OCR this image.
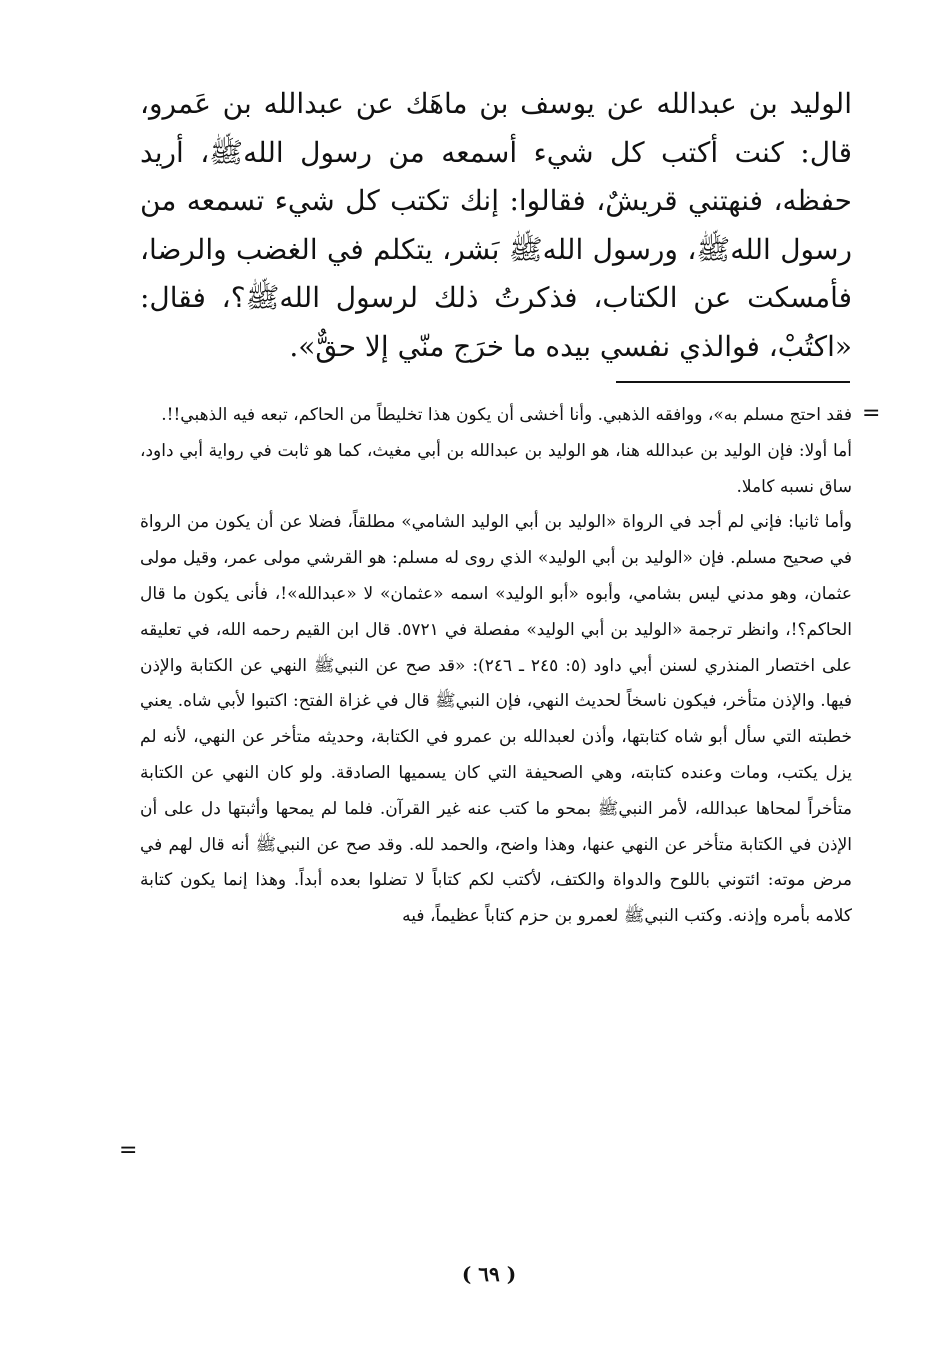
الوليد بن عبدالله عن يوسف بن ماهَك عن عبدالله بن عَمرو، قال: كنت أكتب كل شيء أسمعه من رسول اللهﷺ، أريد حفظه، فنهتني قريشٌ، فقالوا: إنك تكتب كل شيء تسمعه من رسول اللهﷺ، ورسول اللهﷺ بَشر، يتكلم في الغضب والرضا، فأمسكت عن الكتاب، فذكرتُ ذلك لرسول اللهﷺ؟، فقال: «اكتُبْ، فوالذي نفسي بيده ما خرَج منّي إلا حقٌّ».

=

فقد احتج مسلم به»، ووافقه الذهبي. وأنا أخشى أن يكون هذا تخليطاً من الحاكم، تبعه فيه الذهبي!!.

أما أولا: فإن الوليد بن عبدالله هنا، هو الوليد بن عبدالله بن أبي مغيث، كما هو ثابت في رواية أبي داود، ساق نسبه كاملا.

وأما ثانيا: فإني لم أجد في الرواة «الوليد بن أبي الوليد الشامي» مطلقاً، فضلا عن أن يكون من الرواة في صحيح مسلم. فإن «الوليد بن أبي الوليد» الذي روى له مسلم: هو القرشي مولى عمر، وقيل مولى عثمان، وهو مدني ليس بشامي، وأبوه «أبو الوليد» اسمه «عثمان» لا «عبدالله»!، فأنى يكون ما قال الحاكم؟!، وانظر ترجمة «الوليد بن أبي الوليد» مفصلة في ٥٧٢١. قال ابن القيم رحمه الله، في تعليقه على اختصار المنذري لسنن أبي داود (٥: ٢٤٥ ـ ٢٤٦): «قد صح عن النبيﷺ النهي عن الكتابة والإذن فيها. والإذن متأخر، فيكون ناسخاً لحديث النهي، فإن النبيﷺ قال في غزاة الفتح: اكتبوا لأبي شاه. يعني خطبته التي سأل أبو شاه كتابتها، وأذن لعبدالله بن عمرو في الكتابة، وحديثه متأخر عن النهي، لأنه لم يزل يكتب، ومات وعنده كتابته، وهي الصحيفة التي كان يسميها الصادقة. ولو كان النهي عن الكتابة متأخراً لمحاها عبدالله، لأمر النبيﷺ بمحو ما كتب عنه غير القرآن. فلما لم يمحها وأثبتها دل على أن الإذن في الكتابة متأخر عن النهي عنها، وهذا واضح، والحمد لله. وقد صح عن النبيﷺ أنه قال لهم في مرض موته: ائتوني باللوح والدواة والكتف، لأكتب لكم كتاباً لا تضلوا بعده أبداً. وهذا إنما يكون كتابة كلامه بأمره وإذنه. وكتب النبيﷺ لعمرو بن حزم كتاباً عظيماً، فيه

=
( ٦٩ )
